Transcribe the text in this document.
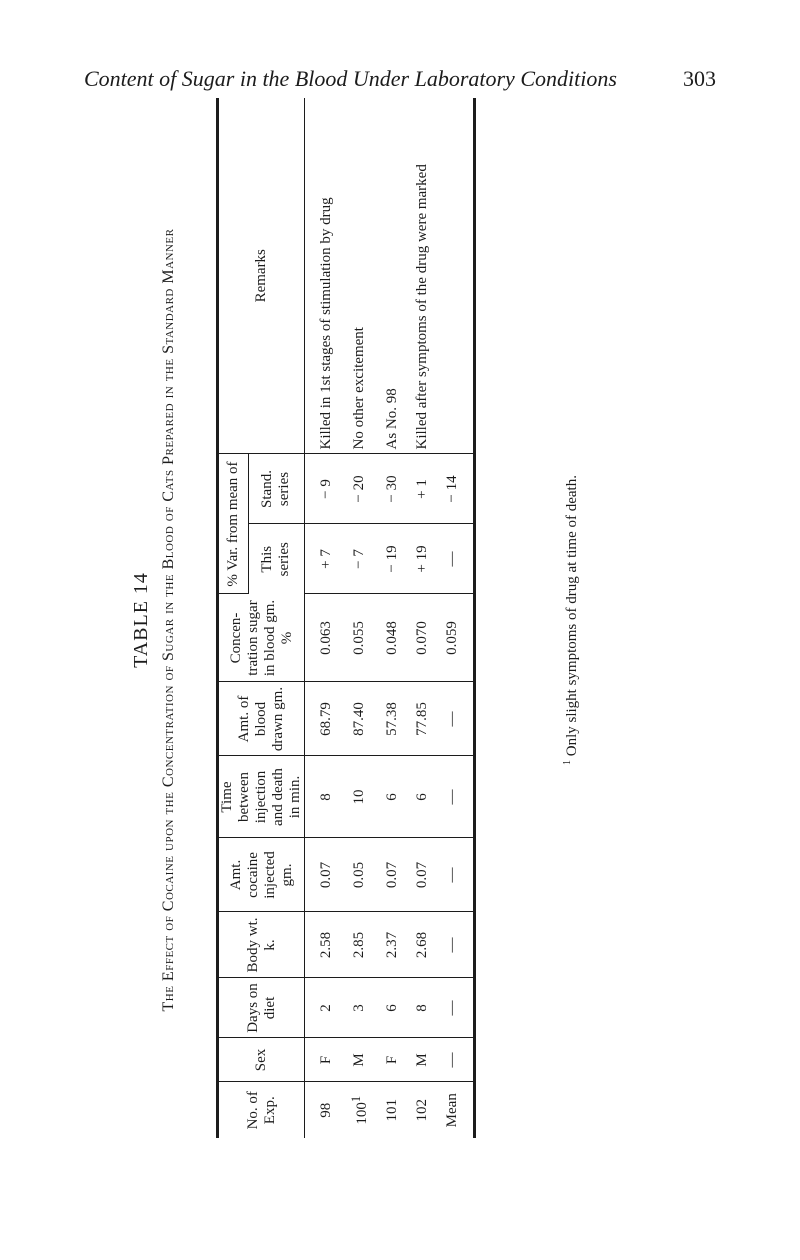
Content of Sugar in the Blood Under Laboratory Conditions	303
TABLE 14 The Effect of Cocaine upon the Concentration of Sugar in the Blood of Cats Prepared in the Standard Manner
No. of Exp.	Sex	Days on diet	Body wt. k.	Amt. cocaine injected gm.	Time between injection and death in min.	Amt. of blood drawn gm.	Concentration sugar in blood gm. %	% Var. from mean of		Remarks
								This series	Stand. series	
98	F	2	2.58	0.07	8	68.79	0.063	+ 7	− 9	Killed in 1st stages of stimulation by drug
$100^1$	M	3	2.85	0.05	10	87.40	0.055	− 7	− 20	No other excitement
101	F	6	2.37	0.07	6	57.38	0.048	− 19	− 30	As No. 98
102	M	8	2.68	0.07	6	77.85	0.070	+ 19	+ 1	Killed after symptoms of the drug were marked
Mean	—	—	—	—	—	—	0.059	—	− 14	
$^1$ Only slight symptoms of drug at time of death.
